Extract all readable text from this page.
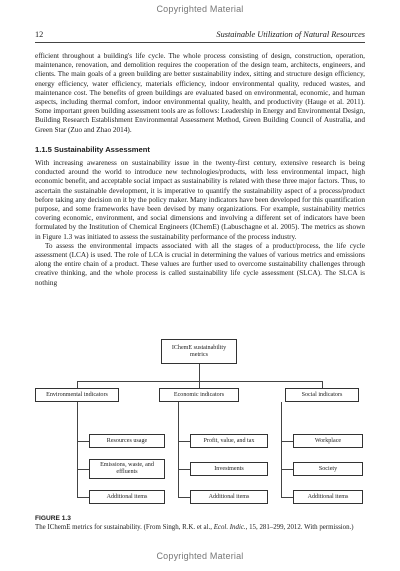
Copyrighted Material
12	Sustainable Utilization of Natural Resources

efficient throughout a building's life cycle. The whole process consisting of design, construction, operation, maintenance, renovation, and demolition requires the cooperation of the design team, architects, engineers, and clients. The main goals of a green building are better sustainability index, sitting and structure design efficiency, energy efficiency, water efficiency, materials efficiency, indoor environmental quality, reduced wastes, and maintenance cost. The benefits of green buildings are evaluated based on environmental, economic, and human aspects, including thermal comfort, indoor environmental quality, health, and productivity (Hauge et al. 2011). Some important green building assessment tools are as follows: Leadership in Energy and Environmental Design, Building Research Establishment Environmental Assessment Method, Green Building Council of Australia, and Green Star (Zuo and Zhao 2014).

1.1.5 Sustainability Assessment

With increasing awareness on sustainability issue in the twenty-first century, extensive research is being conducted around the world to introduce new technologies/products, with less environmental impact, high economic benefit, and acceptable social impact as sustainability is related with these three major factors. Thus, to ascertain the sustainable development, it is imperative to quantify the sustainability aspect of a process/product before taking any decision on it by the policy maker. Many indicators have been developed for this quantification purpose, and some frameworks have been devised by many organizations. For example, sustainability metrics covering economic, environment, and social dimensions and involving a different set of indicators have been formulated by the Institution of Chemical Engineers (IChemE) (Labuschagne et al. 2005). The metrics as shown in Figure 1.3 was initiated to assess the sustainability performance of the process industry.

To assess the environmental impacts associated with all the stages of a product/process, the life cycle assessment (LCA) is used. The role of LCA is crucial in determining the values of various metrics and emissions along the entire chain of a product. These values are further used to overcome sustainability challenges through creative thinking, and the whole process is called sustainability life cycle assessment (SLCA). The SLCA is nothing

IChemE sustainability metrics
Environmental indicators	Economic indicators	Social indicators
Resources usage
Emissions, waste, and effluents
Additional items
Profit, value, and tax
Investments
Additional items
Workplace
Society
Additional items
FIGURE 1.3
The IChemE metrics for sustainability. (From Singh, R.K. et al., Ecol. Indic., 15, 281–299, 2012. With permission.)
Copyrighted Material
